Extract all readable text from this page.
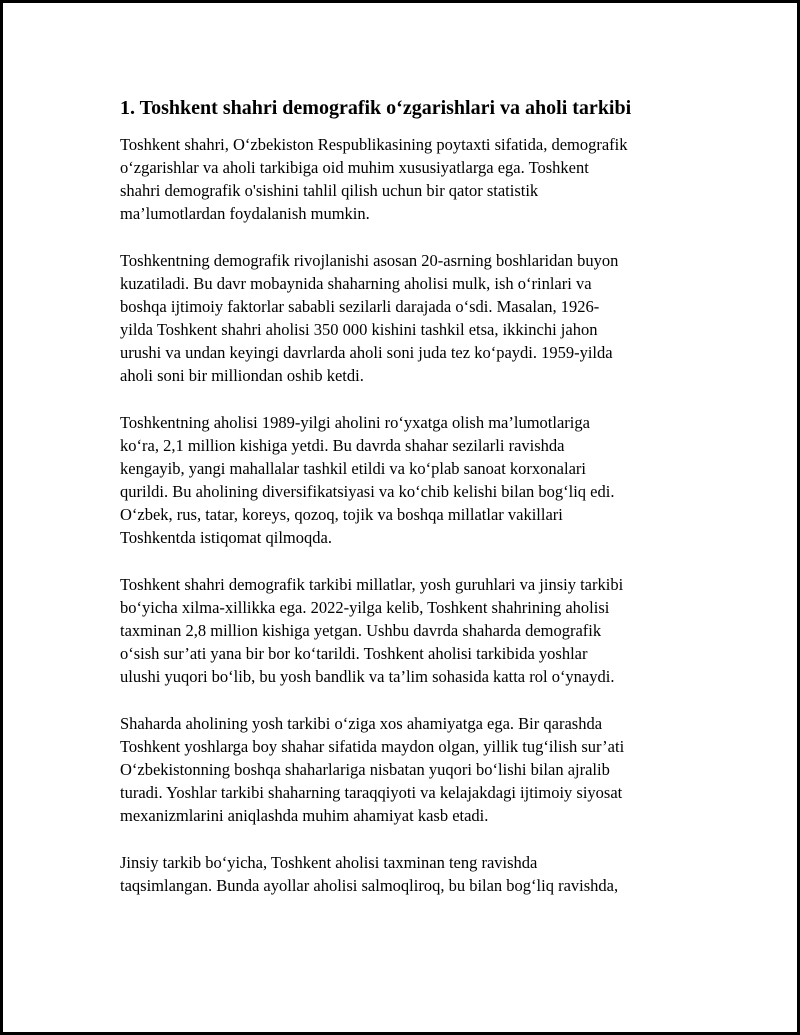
1. Toshkent shahri demografik o‘zgarishlari va aholi tarkibi

Toshkent shahri, O‘zbekiston Respublikasining poytaxti sifatida, demografik
o‘zgarishlar va aholi tarkibiga oid muhim xususiyatlarga ega. Toshkent
shahri demografik o'sishini tahlil qilish uchun bir qator statistik
ma’lumotlardan foydalanish mumkin.

Toshkentning demografik rivojlanishi asosan 20-asrning boshlaridan buyon
kuzatiladi. Bu davr mobaynida shaharning aholisi mulk, ish o‘rinlari va
boshqa ijtimoiy faktorlar sababli sezilarli darajada o‘sdi. Masalan, 1926-
yilda Toshkent shahri aholisi 350 000 kishini tashkil etsa, ikkinchi jahon
urushi va undan keyingi davrlarda aholi soni juda tez ko‘paydi. 1959-yilda
aholi soni bir milliondan oshib ketdi.

Toshkentning aholisi 1989-yilgi aholini ro‘yxatga olish ma’lumotlariga
ko‘ra, 2,1 million kishiga yetdi. Bu davrda shahar sezilarli ravishda
kengayib, yangi mahallalar tashkil etildi va ko‘plab sanoat korxonalari
qurildi. Bu aholining diversifikatsiyasi va ko‘chib kelishi bilan bog‘liq edi.
O‘zbek, rus, tatar, koreys, qozoq, tojik va boshqa millatlar vakillari
Toshkentda istiqomat qilmoqda.

Toshkent shahri demografik tarkibi millatlar, yosh guruhlari va jinsiy tarkibi
bo‘yicha xilma-xillikka ega. 2022-yilga kelib, Toshkent shahrining aholisi
taxminan 2,8 million kishiga yetgan. Ushbu davrda shaharda demografik
o‘sish sur’ati yana bir bor ko‘tarildi. Toshkent aholisi tarkibida yoshlar
ulushi yuqori bo‘lib, bu yosh bandlik va ta’lim sohasida katta rol o‘ynaydi.

Shaharda aholining yosh tarkibi o‘ziga xos ahamiyatga ega. Bir qarashda
Toshkent yoshlarga boy shahar sifatida maydon olgan, yillik tug‘ilish sur’ati
O‘zbekistonning boshqa shaharlariga nisbatan yuqori bo‘lishi bilan ajralib
turadi. Yoshlar tarkibi shaharning taraqqiyoti va kelajakdagi ijtimoiy siyosat
mexanizmlarini aniqlashda muhim ahamiyat kasb etadi.

Jinsiy tarkib bo‘yicha, Toshkent aholisi taxminan teng ravishda
taqsimlangan. Bunda ayollar aholisi salmoqliroq, bu bilan bog‘liq ravishda,
